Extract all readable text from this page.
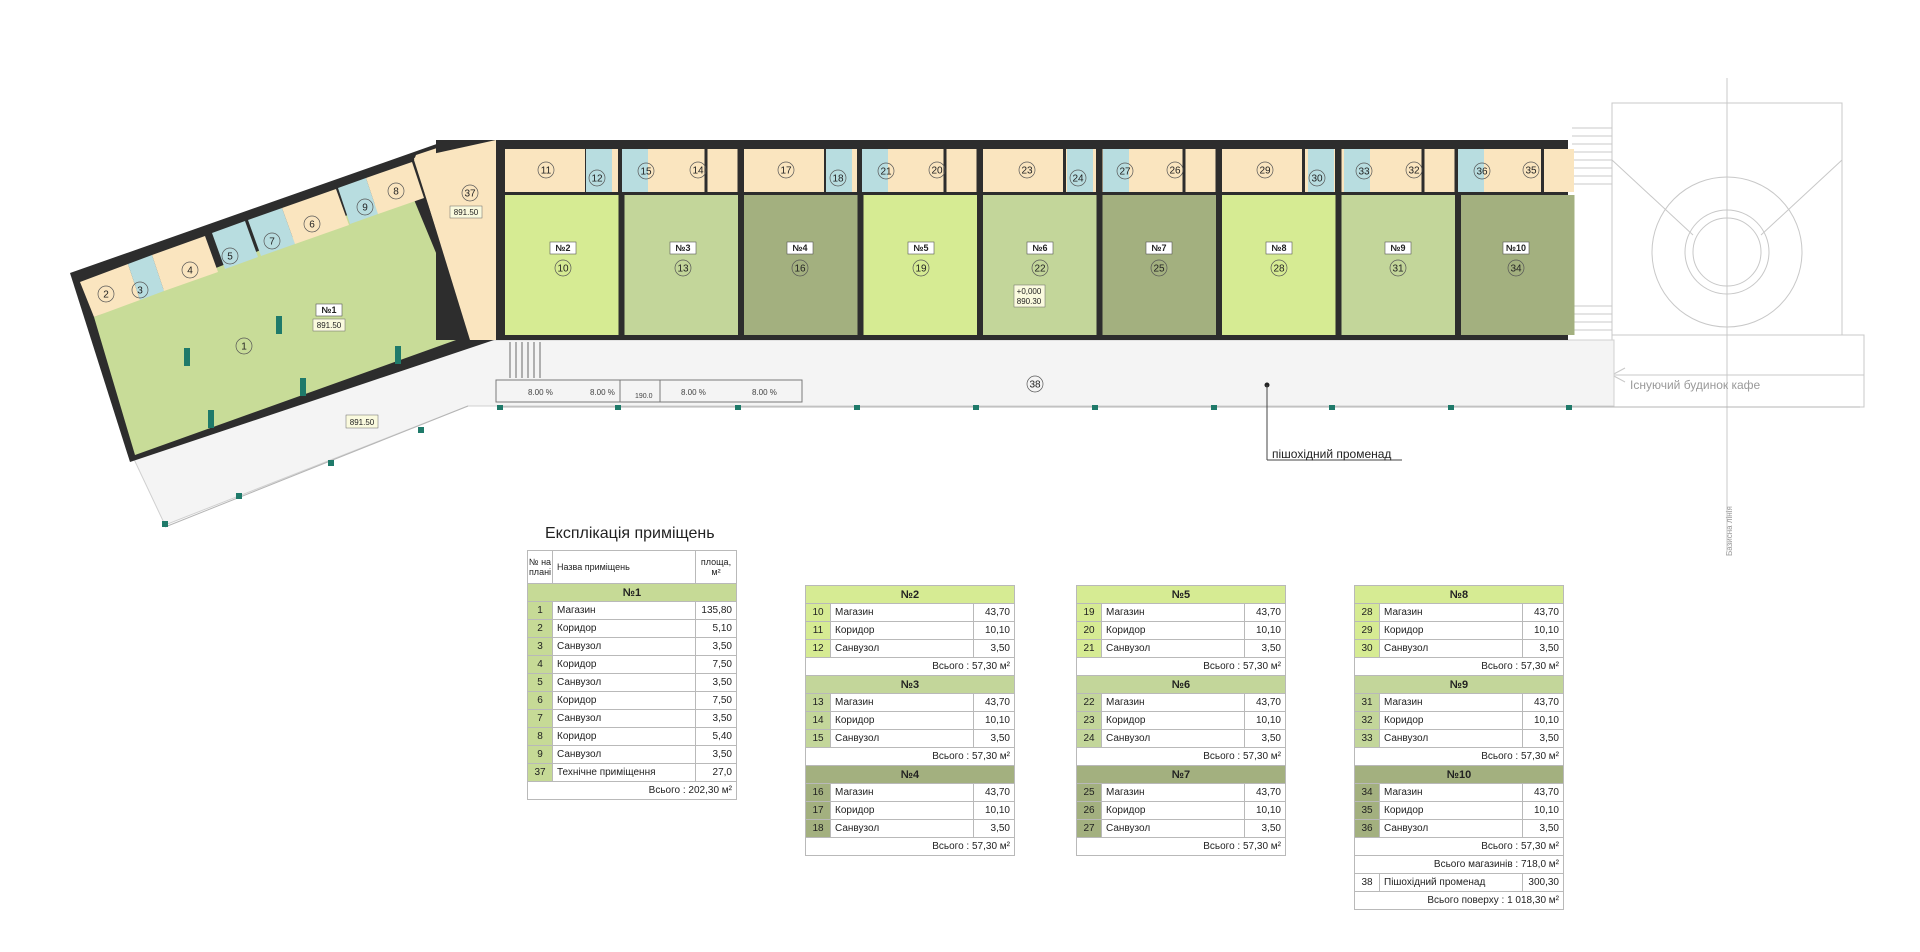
1
2	3
4
5
6
7
8
9
10
11
12
13
14
15
16
17
18
19
20
21
22
23
24
25
26
27
28
29
30
31
32
33
34
35
36
37
38
№1
№2	№3	№4	№5	№6	№7	№8	№9	№10
8.00 %	8.00 %	8.00 %	8.00 %
190.0
891.50
891.50
891.50
+0,000
890.30
пішохідний променад
Існуючий будинок кафе
Базисна лінія
Експлікація приміщень
№ на плані	Назва приміщень	площа, м²
№1		
1	Магазин	135,80
2	Коридор	5,10
3	Санвузол	3,50
4	Коридор	7,50
5	Санвузол	3,50
6	Коридор	7,50
7	Санвузол	3,50
8	Коридор	5,40
9	Санвузол	3,50
37	Технічне приміщення	27,0
Всього : 202,30 м²		
№2		
10	Магазин	43,70
11	Коридор	10,10
12	Санвузол	3,50
Всього : 57,30 м²		
№3		
13	Магазин	43,70
14	Коридор	10,10
15	Санвузол	3,50
Всього : 57,30 м²		
№4		
16	Магазин	43,70
17	Коридор	10,10
18	Санвузол	3,50
Всього : 57,30 м²		
№5		
19	Магазин	43,70
20	Коридор	10,10
21	Санвузол	3,50
Всього : 57,30 м²		
№6		
22	Магазин	43,70
23	Коридор	10,10
24	Санвузол	3,50
Всього : 57,30 м²		
№7		
25	Магазин	43,70
26	Коридор	10,10
27	Санвузол	3,50
Всього : 57,30 м²		
№8		
28	Магазин	43,70
29	Коридор	10,10
30	Санвузол	3,50
Всього : 57,30 м²		
№9		
31	Магазин	43,70
32	Коридор	10,10
33	Санвузол	3,50
Всього : 57,30 м²		
№10		
34	Магазин	43,70
35	Коридор	10,10
36	Санвузол	3,50
Всього : 57,30 м²		
Всього магазинів : 718,0 м²		
38	Пішохідний променад	300,30
Всього поверху : 1 018,30 м²		
